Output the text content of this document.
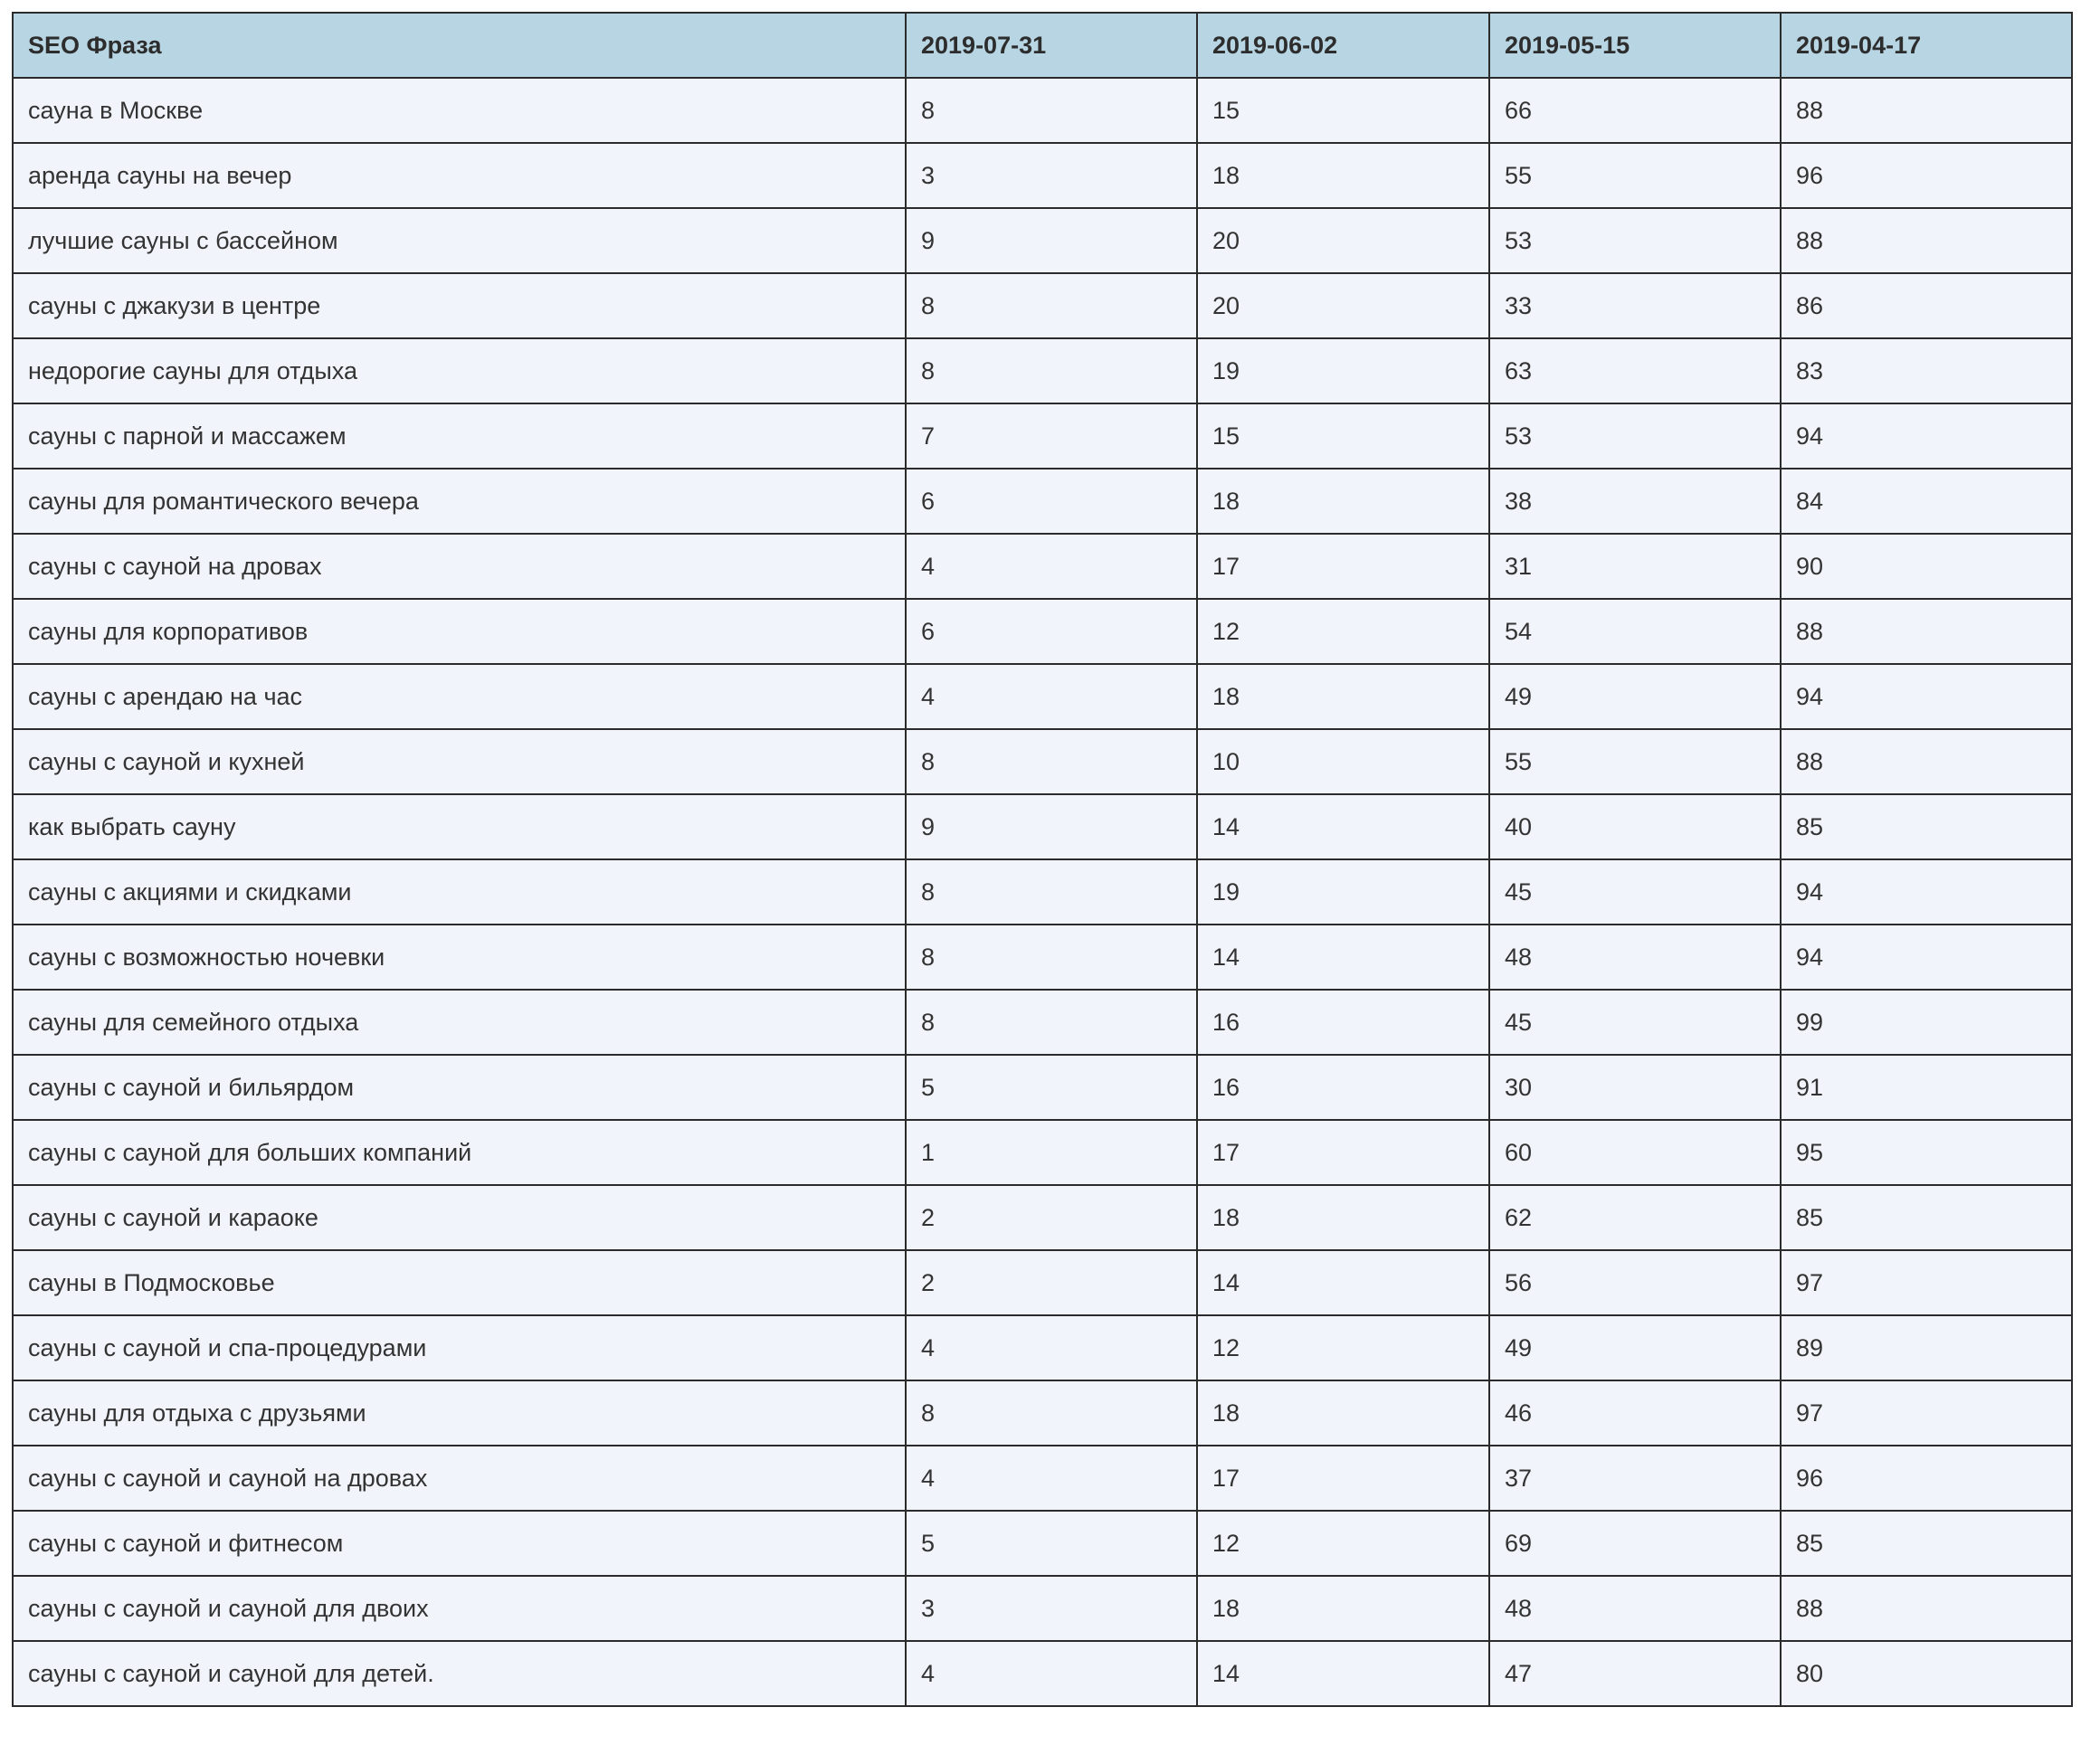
SEO Фраза	2019-07-31	2019-06-02	2019-05-15	2019-04-17
сауна в Москве	8	15	66	88
аренда сауны на вечер	3	18	55	96
лучшие сауны с бассейном	9	20	53	88
сауны с джакузи в центре	8	20	33	86
недорогие сауны для отдыха	8	19	63	83
сауны с парной и массажем	7	15	53	94
сауны для романтического вечера	6	18	38	84
сауны с сауной на дровах	4	17	31	90
сауны для корпоративов	6	12	54	88
сауны с арендаю на час	4	18	49	94
сауны с сауной и кухней	8	10	55	88
как выбрать сауну	9	14	40	85
сауны с акциями и скидками	8	19	45	94
сауны с возможностью ночевки	8	14	48	94
сауны для семейного отдыха	8	16	45	99
сауны с сауной и бильярдом	5	16	30	91
сауны с сауной для больших компаний	1	17	60	95
сауны с сауной и караоке	2	18	62	85
сауны в Подмосковье	2	14	56	97
сауны с сауной и спа-процедурами	4	12	49	89
сауны для отдыха с друзьями	8	18	46	97
сауны с сауной и сауной на дровах	4	17	37	96
сауны с сауной и фитнесом	5	12	69	85
сауны с сауной и сауной для двоих	3	18	48	88
сауны с сауной и сауной для детей.	4	14	47	80
